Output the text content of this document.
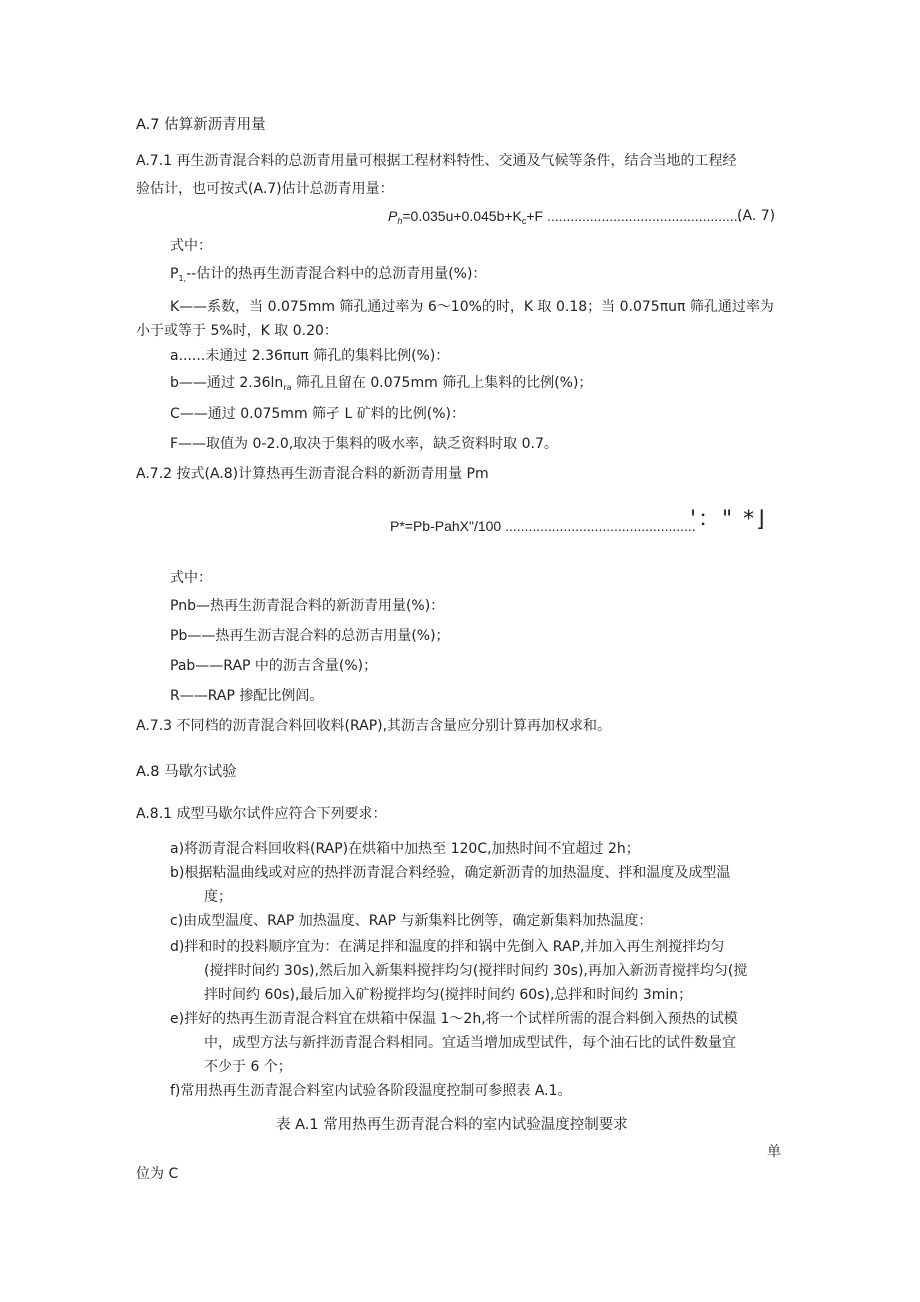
A.7 估算新沥青用量
A.7.1 再生沥青混合料的总沥青用量可根据工程材料特性、交通及气候等条件，结合当地的工程经
验估计，也可按式(A.7)估计总沥青用量：
$P_h=0.035u+0.045b+K_c+F$ ..................................................
(A. 7)
式中：
$P_{1,}--$估计的热再生沥青混合料中的总沥青用量(%)：
K——系数，当 0.075mm 筛孔通过率为 6～10%的时，K 取 0.18；当 0.075πuπ 筛孔通过率为
小于或等于 5%时，K 取 0.20：
a......未通过 2.36πuπ 筛孔的集料比例(%)：
b——通过 $2.36\ln_{ra}$ 筛孔且留在 0.075mm 筛孔上集料的比例(%)；
C——通过 0.075mm 筛孑 L 矿料的比例(%)：
F——取值为 0-2.0,取决于集料的吸水率，缺乏资料时取 0.7。
A.7.2 按式(A.8)计算热再生沥青混合料的新沥青用量 Pm
P*=Pb-PahX"/100 .................................................
'：" *⌋
式中：
Pnb—热再生沥青混合料的新沥青用量(%)：
Pb——热再生沥吉混合料的总沥吉用量(%)；
Pab——RAP 中的沥吉含量(%)；
R——RAP 掺配比例闾。
A.7.3 不同档的沥青混合料回收料(RAP),其沥吉含量应分别计算再加权求和。
A.8 马歇尔试验
A.8.1 成型马歇尔试件应符合下列要求：
a)将沥青混合料回收料(RAP)在烘箱中加热至 120C,加热时间不宜超过 2h；
b)根据粘温曲线或对应的热拌沥青混合料经验，确定新沥青的加热温度、拌和温度及成型温
度；
c)由成型温度、RAP 加热温度、RAP 与新集料比例等，确定新集料加热温度：
d)拌和时的投料顺序宜为：在满足拌和温度的拌和锅中先倒入 RAP,并加入再生剂搅拌均匀
(搅拌时间约 30s),然后加入新集料搅拌均匀(搅拌时间约 30s),再加入新沥青搅拌均匀(搅
拌时间约 60s),最后加入矿粉搅拌均匀(搅拌时间约 60s),总拌和时间约 3min；
e)拌好的热再生沥青混合料宜在烘箱中保温 1～2h,将一个试样所需的混合料倒入预热的试模
中，成型方法与新拌沥青混合料相同。宜适当增加成型试件，每个油石比的试件数量宜
不少于 6 个；
f)常用热再生沥青混合料室内试验各阶段温度控制可参照表 A.1。
表 A.1 常用热再生沥青混合料的室内试验温度控制要求
单
位为 C
